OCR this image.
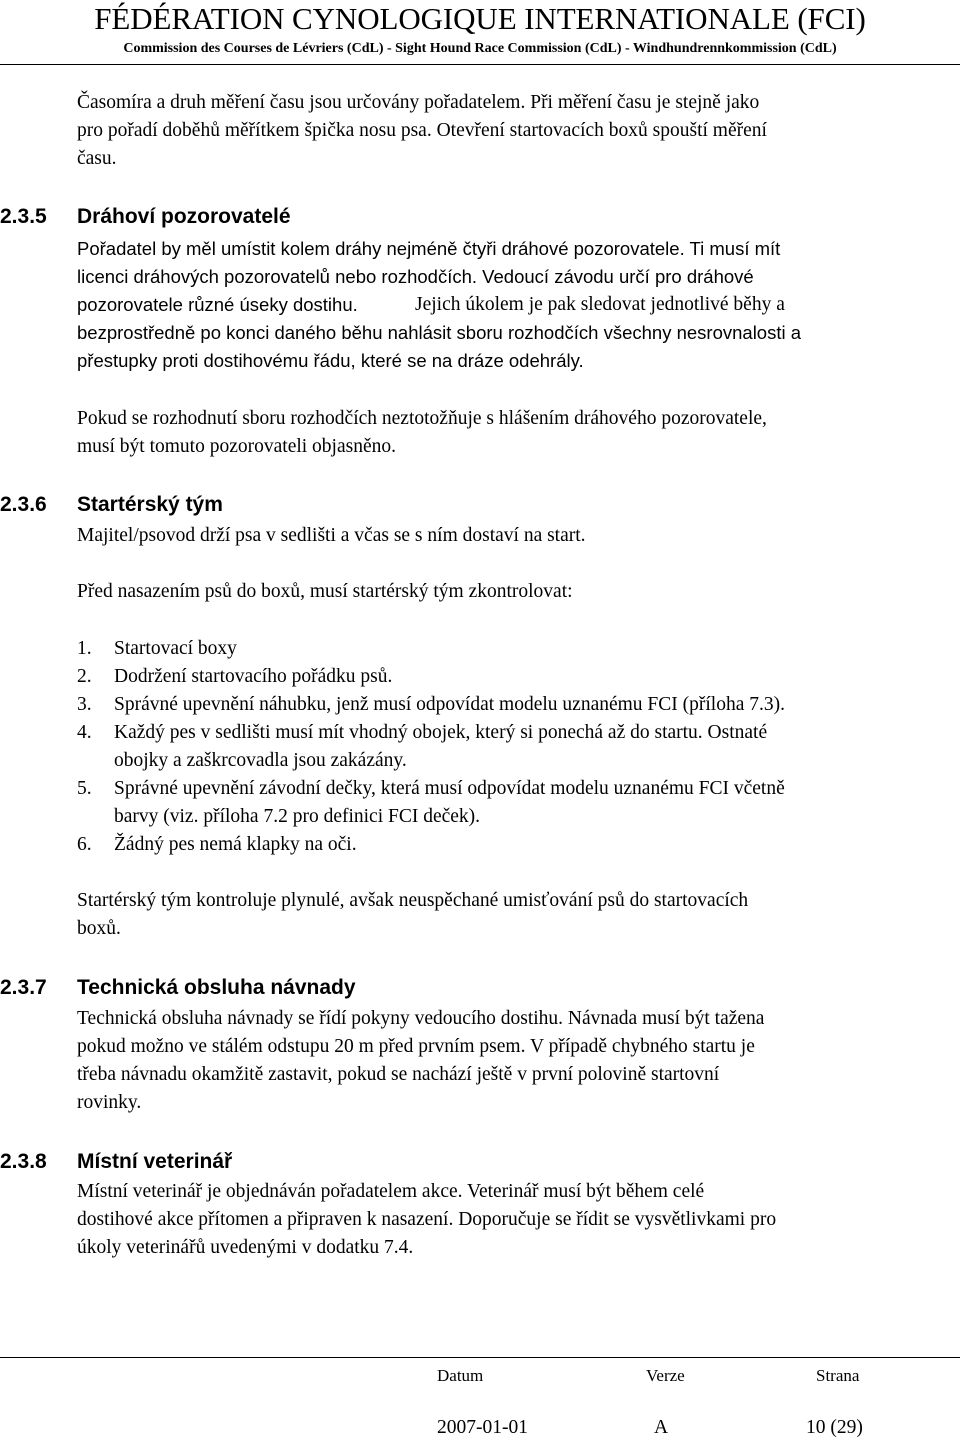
FÉDÉRATION CYNOLOGIQUE INTERNATIONALE (FCI)
Commission des Courses de Lévriers (CdL) - Sight Hound Race Commission (CdL) - Windhundrennkommission (CdL)
Časomíra a druh měření času jsou určovány pořadatelem. Při měření času je stejně jako
pro pořadí doběhů měřítkem špička nosu psa. Otevření startovacích boxů spouští měření
času.
2.3.5 Dráhoví pozorovatelé
Pořadatel by měl umístit kolem dráhy nejméně čtyři dráhové pozorovatele. Ti musí mít
licenci dráhových pozorovatelů nebo rozhodčích. Vedoucí závodu určí pro dráhové
pozorovatele různé úseky dostihu.	Jejich úkolem je pak sledovat jednotlivé běhy a
bezprostředně po konci daného běhu nahlásit sboru rozhodčích všechny nesrovnalosti a
přestupky proti dostihovému řádu, které se na dráze odehrály.
Pokud se rozhodnutí sboru rozhodčích neztotožňuje s hlášením dráhového pozorovatele,
musí být tomuto pozorovateli objasněno.
2.3.6 Startérský tým
Majitel/psovod drží psa v sedlišti a včas se s ním dostaví na start.
Před nasazením psů do boxů, musí startérský tým zkontrolovat:
1. Startovací boxy
2. Dodržení startovacího pořádku psů.
3. Správné upevnění náhubku, jenž musí odpovídat modelu uznanému FCI (příloha 7.3).
4. Každý pes v sedlišti musí mít vhodný obojek, který si ponechá až do startu. Ostnaté
obojky a zaškrcovadla jsou zakázány.
5. Správné upevnění závodní dečky, která musí odpovídat modelu uznanému FCI včetně
barvy (viz. příloha 7.2 pro definici FCI deček).
6. Žádný pes nemá klapky na oči.
Startérský tým kontroluje plynulé, avšak neuspěchané umisťování psů do startovacích
boxů.
2.3.7 Technická obsluha návnady
Technická obsluha návnady se řídí pokyny vedoucího dostihu. Návnada musí být tažena
pokud možno ve stálém odstupu 20 m před prvním psem. V případě chybného startu je
třeba návnadu okamžitě zastavit, pokud se nachází ještě v první polovině startovní
rovinky.
2.3.8 Místní veterinář
Místní veterinář je objednáván pořadatelem akce. Veterinář musí být během celé
dostihové akce přítomen a připraven k nasazení. Doporučuje se řídit se vysvětlivkami pro
úkoly veterinářů uvedenými v dodatku 7.4.
Datum	Verze	Strana
2007-01-01	A	10 (29)
